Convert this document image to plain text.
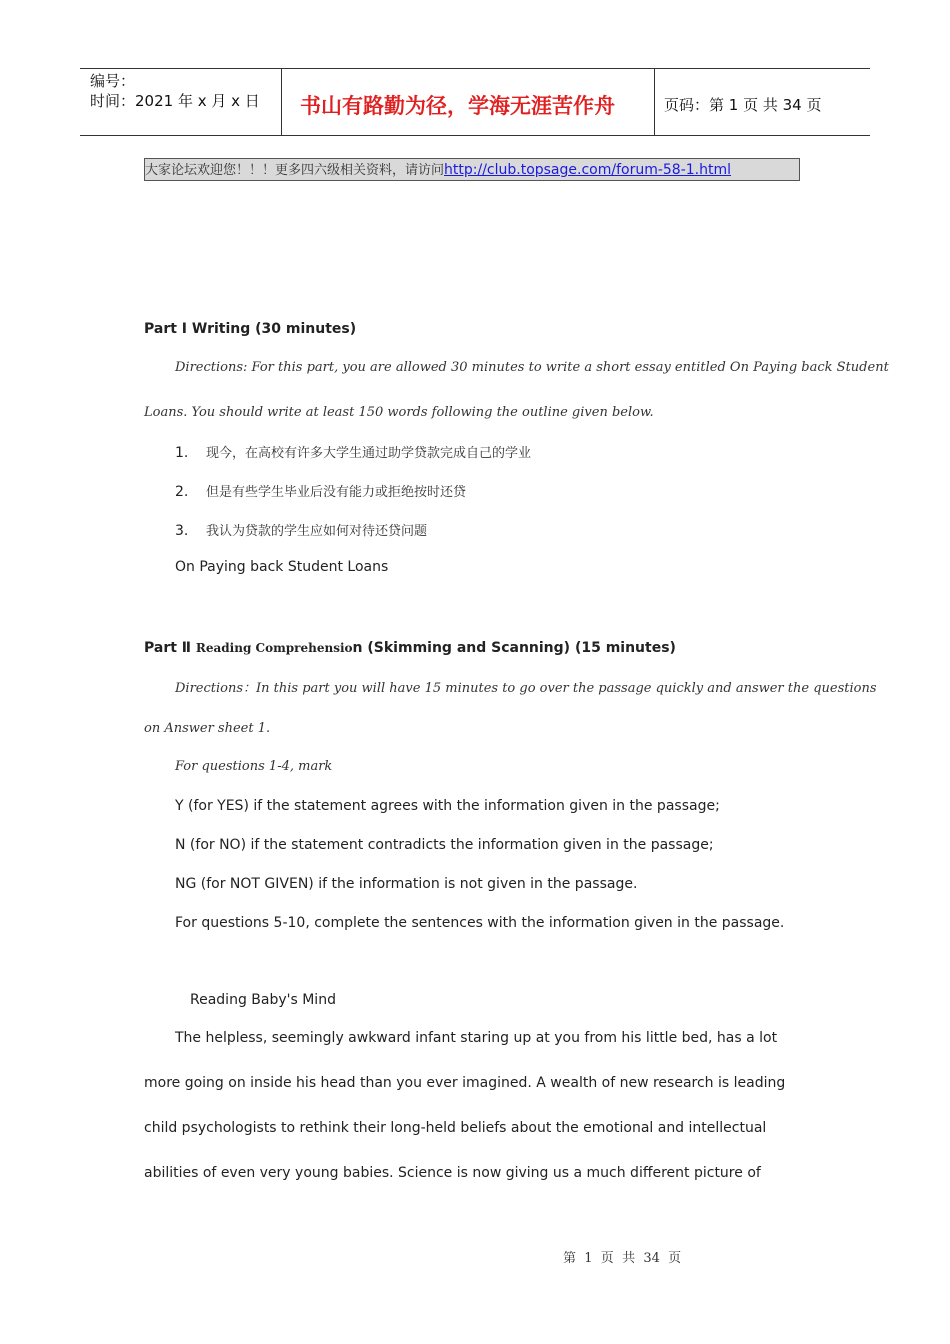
编号：
时间：2021 年 x 月 x 日 书山有路勤为径，学海无涯苦作舟	页码：第 1 页 共 34 页
大家论坛欢迎您！！！更多四六级相关资料，请访问http://club.topsage.com/forum-58-1.html
Part I Writing (30 minutes)
Directions: For this part, you are allowed 30 minutes to write a short essay entitled On Paying back Student
Loans. You should write at least 150 words following the outline given below.
1. 现今，在高校有许多大学生通过助学贷款完成自己的学业
2. 但是有些学生毕业后没有能力或拒绝按时还贷
3. 我认为贷款的学生应如何对待还贷问题
On Paying back Student Loans
Part Ⅱ Reading Comprehension (Skimming and Scanning) (15 minutes)
Directions：In this part you will have 15 minutes to go over the passage quickly and answer the questions
on Answer sheet 1.
For questions 1-4, mark
Y (for YES) if the statement agrees with the information given in the passage;
N (for NO) if the statement contradicts the information given in the passage;
NG (for NOT GIVEN) if the information is not given in the passage.
For questions 5-10, complete the sentences with the information given in the passage.
Reading Baby's Mind
The helpless, seemingly awkward infant staring up at you from his little bed, has a lot
more going on inside his head than you ever imagined. A wealth of new research is leading
child psychologists to rethink their long-held beliefs about the emotional and intellectual
abilities of even very young babies. Science is now giving us a much different picture of
第  1  页  共  34  页
